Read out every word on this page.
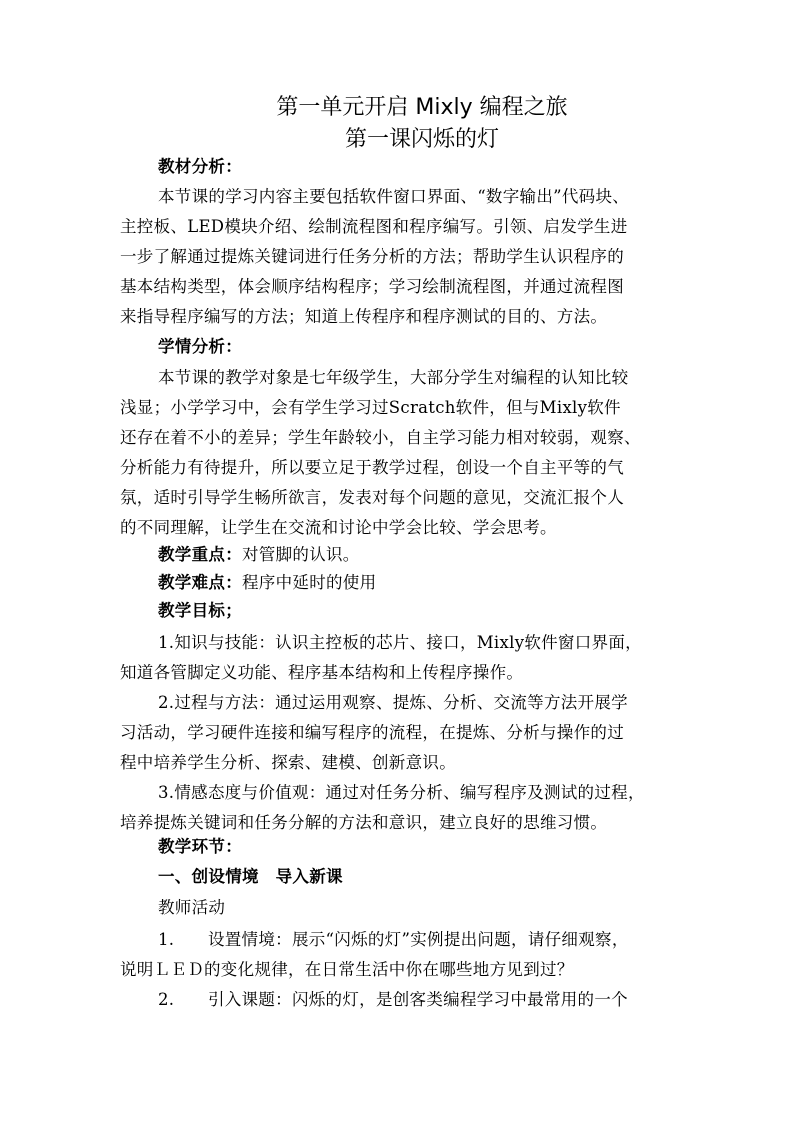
第一单元开启 Mixly 编程之旅
第一课闪烁的灯
教材分析：
本节课的学习内容主要包括软件窗口界面、“数字输出”代码块、
主控板、LED模块介绍、绘制流程图和程序编写。引领、启发学生进
一步了解通过提炼关键词进行任务分析的方法；帮助学生认识程序的
基本结构类型，体会顺序结构程序；学习绘制流程图，并通过流程图
来指导程序编写的方法；知道上传程序和程序测试的目的、方法。
学情分析：
本节课的教学对象是七年级学生，大部分学生对编程的认知比较
浅显；小学学习中，会有学生学习过Scratch软件，但与Mixly软件
还存在着不小的差异；学生年龄较小，自主学习能力相对较弱，观察、
分析能力有待提升，所以要立足于教学过程，创设一个自主平等的气
氛，适时引导学生畅所欲言，发表对每个问题的意见，交流汇报个人
的不同理解，让学生在交流和讨论中学会比较、学会思考。
教学重点：对管脚的认识。
教学难点：程序中延时的使用
教学目标；
1.知识与技能：认识主控板的芯片、接口，Mixly软件窗口界面，
知道各管脚定义功能、程序基本结构和上传程序操作。
2.过程与方法：通过运用观察、提炼、分析、交流等方法开展学
习活动，学习硬件连接和编写程序的流程，在提炼、分析与操作的过
程中培养学生分析、探索、建模、创新意识。
3.情感态度与价值观：通过对任务分析、编写程序及测试的过程，
培养提炼关键词和任务分解的方法和意识，建立良好的思维习惯。
教学环节：
一、创设情境　导入新课
教师活动
1.　　设置情境：展示“闪烁的灯”实例提出问题，请仔细观察，
说明ＬＥＤ的变化规律，在日常生活中你在哪些地方见到过？
2.　　引入课题：闪烁的灯，是创客类编程学习中最常用的一个
